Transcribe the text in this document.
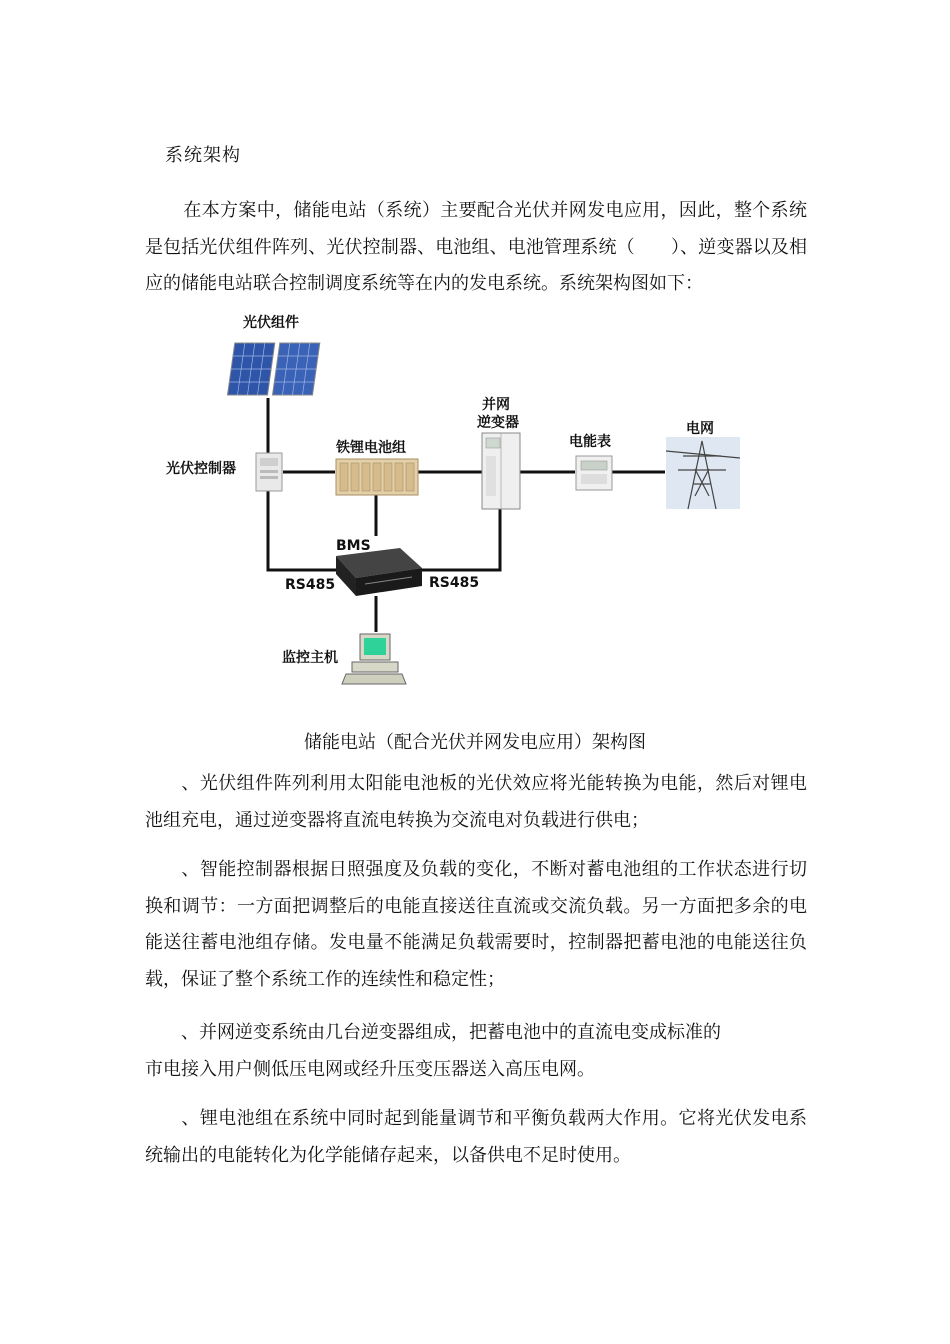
系统架构

在本方案中，储能电站（系统）主要配合光伏并网发电应用，因此，整个系统是包括光伏组件阵列、光伏控制器、电池组、电池管理系统（　　）、逆变器以及相应的储能电站联合控制调度系统等在内的发电系统。系统架构图如下：

光伏组件
光伏控制器
铁锂电池组
并网
逆变器
电能表
电网
BMS
RS485	RS485
监控主机
储能电站（配合光伏并网发电应用）架构图

、光伏组件阵列利用太阳能电池板的光伏效应将光能转换为电能，然后对锂电池组充电，通过逆变器将直流电转换为交流电对负载进行供电；

、智能控制器根据日照强度及负载的变化，不断对蓄电池组的工作状态进行切换和调节：一方面把调整后的电能直接送往直流或交流负载。另一方面把多余的电能送往蓄电池组存储。发电量不能满足负载需要时，控制器把蓄电池的电能送往负载，保证了整个系统工作的连续性和稳定性；

、并网逆变系统由几台逆变器组成，把蓄电池中的直流电变成标准的
市电接入用户侧低压电网或经升压变压器送入高压电网。

、锂电池组在系统中同时起到能量调节和平衡负载两大作用。它将光伏发电系统输出的电能转化为化学能储存起来，以备供电不足时使用。
